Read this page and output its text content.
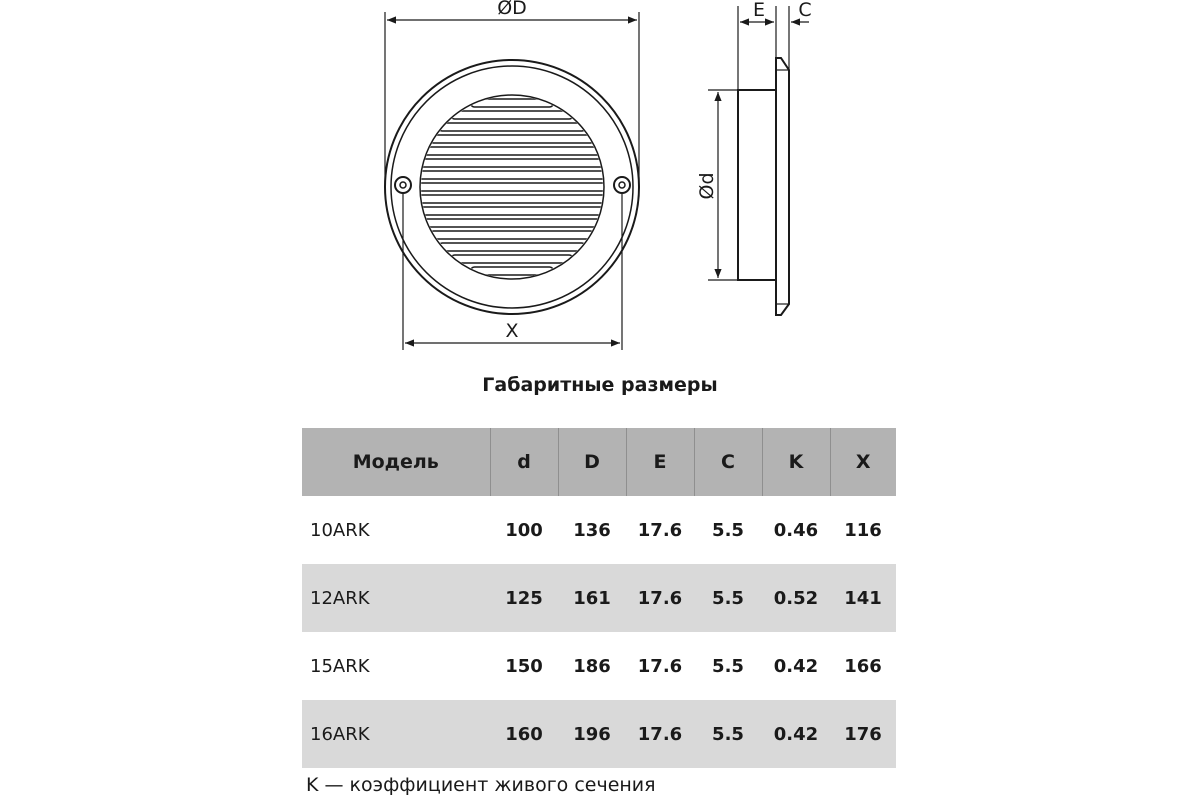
ØD
X
E C
Ød
Габаритные размеры
Модель	d	D	E	C	K	X
10ARK	100	136	17.6	5.5	0.46	116
12ARK	125	161	17.6	5.5	0.52	141
15ARK	150	186	17.6	5.5	0.42	166
16ARK	160	196	17.6	5.5	0.42	176
K — коэффициент живого сечения
